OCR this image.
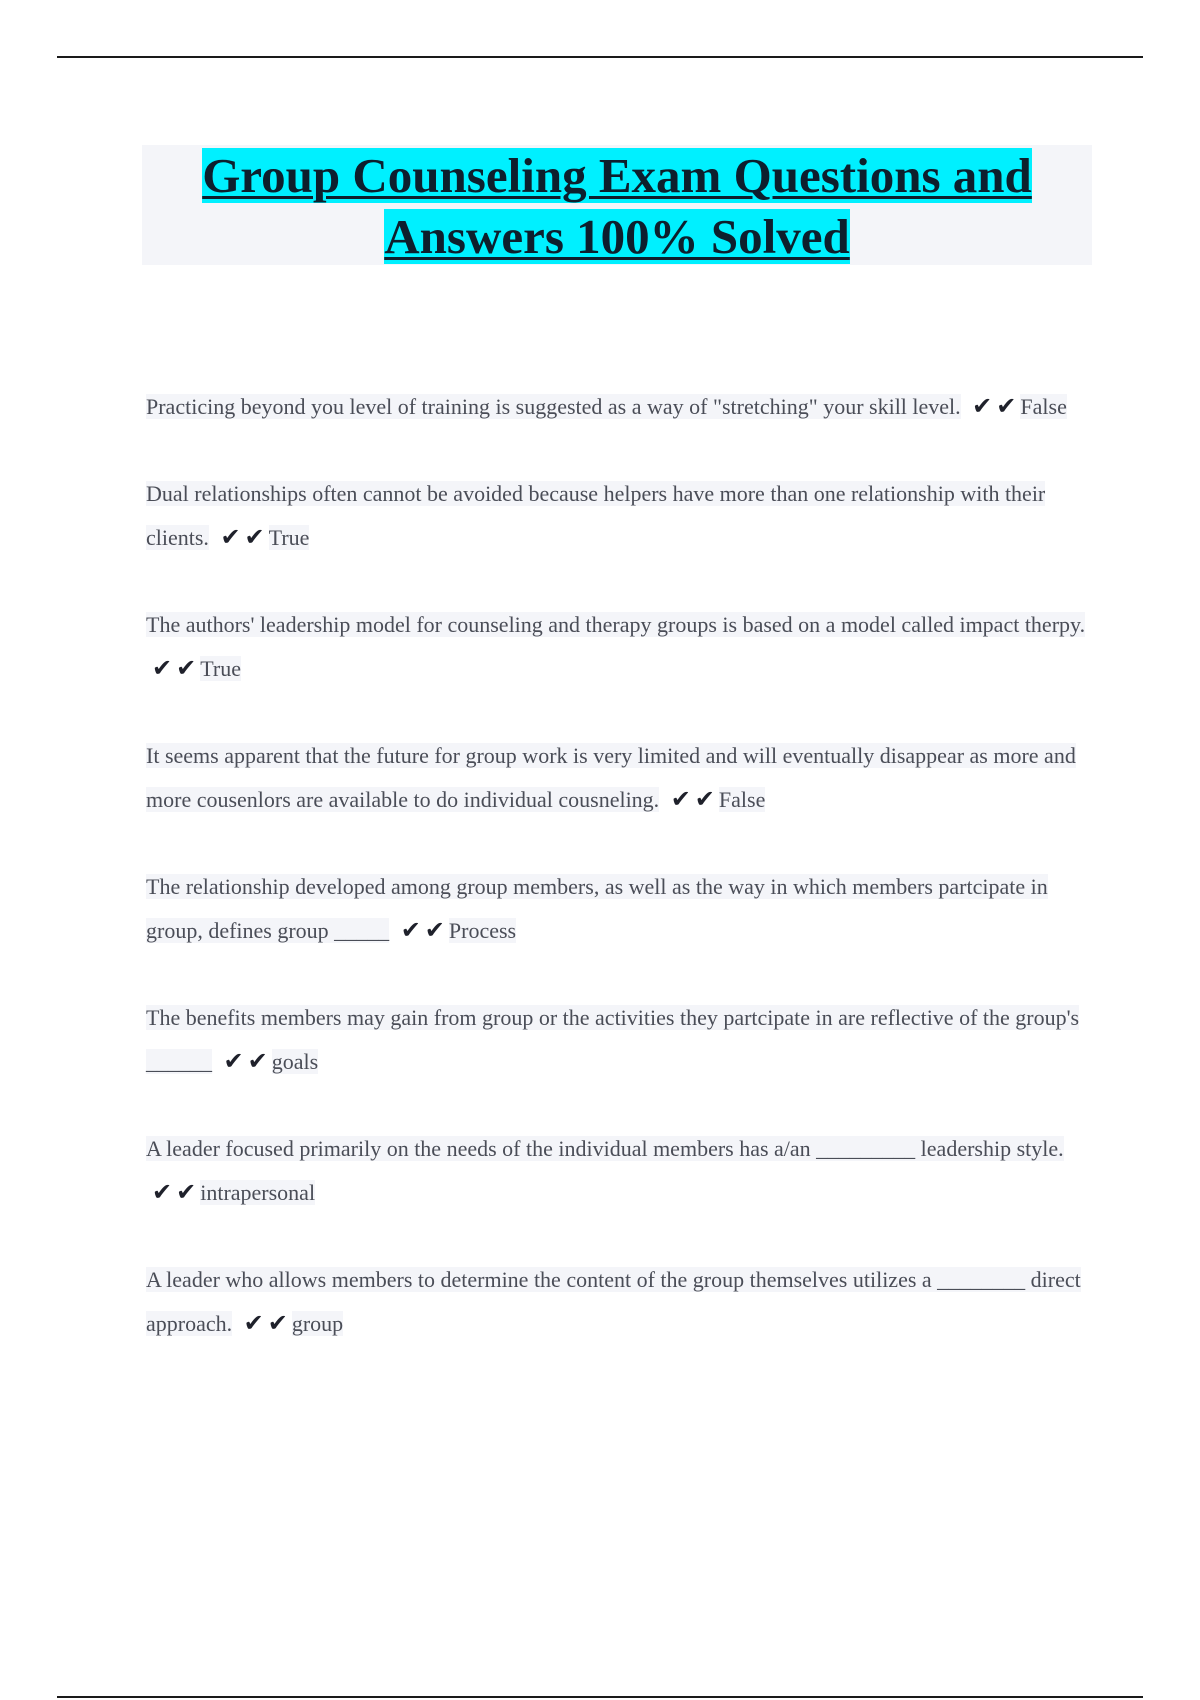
Group Counseling Exam Questions and Answers 100% Solved

Practicing beyond you level of training is suggested as a way of "stretching" your skill level. ✔ ✔ False

Dual relationships often cannot be avoided because helpers have more than one relationship with their clients. ✔ ✔ True

The authors' leadership model for counseling and therapy groups is based on a model called impact therpy. ✔ ✔ True

It seems apparent that the future for group work is very limited and will eventually disappear as more and more cousenlors are available to do individual cousneling. ✔ ✔ False

The relationship developed among group members, as well as the way in which members partcipate in group, defines group _____ ✔ ✔ Process

The benefits members may gain from group or the activities they partcipate in are reflective of the group's ______ ✔ ✔ goals

A leader focused primarily on the needs of the individual members has a/an _________ leadership style. ✔ ✔ intrapersonal

A leader who allows members to determine the content of the group themselves utilizes a ________ direct approach. ✔ ✔ group
